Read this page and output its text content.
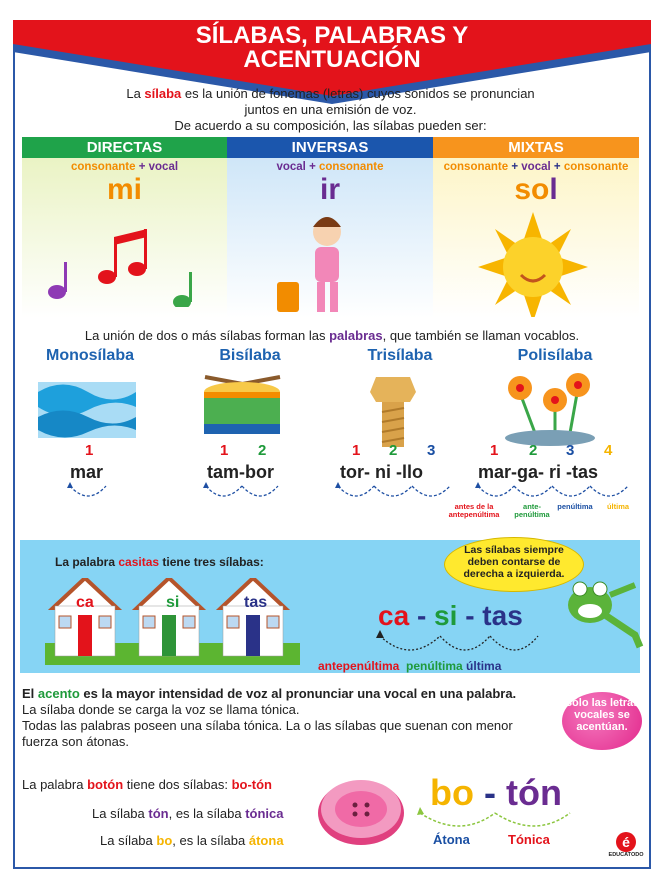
SÍLABAS, PALABRAS Y
ACENTUACIÓN
La sílaba es la unión de fonemas (letras) cuyos sonidos se pronuncian
juntos en una emisión de voz.
De acuerdo a su composición, las sílabas pueden ser:
DIRECTAS	INVERSAS	MIXTAS
consonante + vocal
mi
vocal + consonante
ir
consonante + vocal + consonante
sol
La unión de dos o más sílabas forman las palabras, que también se llaman vocablos.
Monosílaba	Bisílaba	Trisílaba	Polisílaba
1	1 2	1 2 3	1 2 3 4
mar	tam-bor	tor- ni -llo	mar-ga- ri -tas
antes de la antepenúltima
ante- penúltima
penúltima	última
La palabra casitas tiene tres sílabas:
ca	si	tas	ca - si - tas
antepenúltima penúltima última
Las sílabas siempre deben contarse de derecha a izquierda.
El acento es la mayor intensidad de voz al pronunciar una vocal en una palabra.
La sílaba donde se carga la voz se llama tónica.
Todas las palabras poseen una sílaba tónica. La o las sílabas que suenan con menor
fuerza son átonas.
Sólo las letras vocales se acentúan.
La palabra botón tiene dos sílabas: bo-tón
La sílaba tón, es la sílaba tónica
La sílaba bo, es la sílaba átona
bo - tón
Átona	Tónica	é
EDUCATODO
